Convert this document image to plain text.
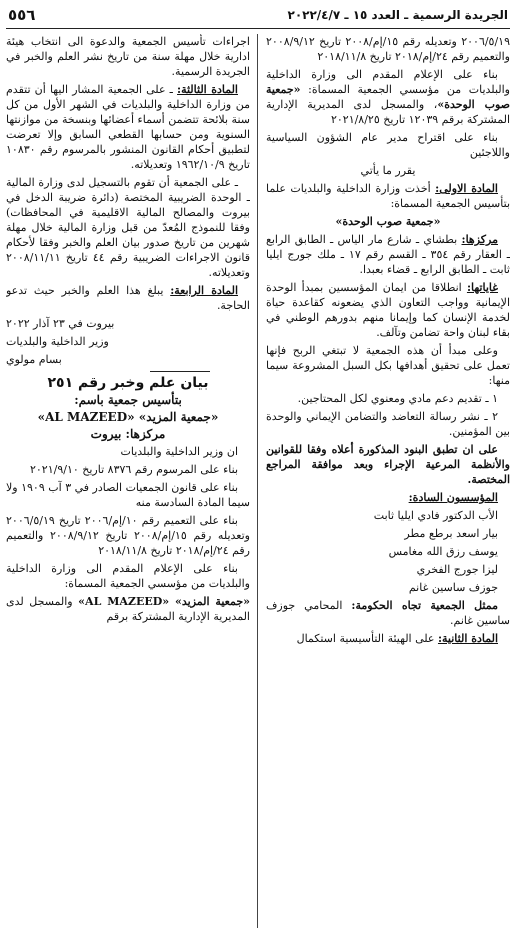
٥٥٦	الجريدة الرسمية ـ العدد ١٥ ـ ٢٠٢٢/٤/٧

٢٠٠٦/٥/١٩ وتعديله رقم ١٥/إم/٢٠٠٨ تاريخ ٢٠٠٨/٩/١٢ والتعميم رقم ٢٤/إم/٢٠١٨ تاريخ ٢٠١٨/١١/٨

بناء على الإعلام المقدم الى وزارة الداخلية والبلديات من مؤسسي الجمعية المسماة: «جمعية صوب الوحدة»، والمسجل لدى المديرية الإدارية المشتركة برقم ١٢٠٣٩ تاريخ ٢٠٢١/٨/٢٥

بناء على اقتراح مدير عام الشؤون السياسية واللاجئين

يقرر ما يأتي

المادة الاولى: أخذت وزارة الداخلية والبلديات علما بتأسيس الجمعية المسماة:

«جمعية صوب الوحدة»

مركزها: بطشاي ـ شارع مار الياس ـ الطابق الرابع ـ العقار رقم ٣٥٤ ـ القسم رقم ١٧ ـ ملك جورج ايليا ثابت ـ الطابق الرابع ـ قضاء بعبدا.

غاياتها: انطلاقا من ايمان المؤسسين بمبدأ الوحدة الإيمانية وواجب التعاون الذي يضعونه كقاعدة حياة لخدمة الإنسان كما وإيمانا منهم بدورهم الوطني في بقاء لبنان واحة تضامن وتآلف.

وعلى مبدأ أن هذه الجمعية لا تبتغي الربح فإنها تعمل على تحقيق أهدافها بكل السبل المشروعة سيما منها:

١ ـ تقديم دعم مادي ومعنوي لكل المحتاجين.

٢ ـ نشر رسالة التعاضد والتضامن الإيماني والوحدة بين المؤمنين.

على ان تطبق البنود المذكورة أعلاه وفقا للقوانين والأنظمة المرعية الإجراء وبعد موافقة المراجع المختصة.

المؤسسون السادة:

الأب الدكتور فادي ايليا ثابت

بيار اسعد برطع مطر

يوسف رزق الله مغامس

ليزا جورج الفخري

جوزف ساسين غانم

ممثل الجمعية تجاه الحكومة: المحامي جوزف ساسين غانم.

المادة الثانية: على الهيئة التأسيسية استكمال

اجراءات تأسيس الجمعية والدعوة الى انتخاب هيئة ادارية خلال مهلة سنة من تاريخ نشر العلم والخبر في الجريدة الرسمية.

المادة الثالثة: ـ على الجمعية المشار اليها أن تتقدم من وزارة الداخلية والبلديات في الشهر الأول من كل سنة بلائحة تتضمن أسماء أعضائها وبنسخة من موازنتها السنوية ومن حسابها القطعي السابق وإلا تعرضت لتطبيق أحكام القانون المنشور بالمرسوم رقم ١٠٨٣٠ تاريخ ١٩٦٢/١٠/٩ وتعديلاته.

ـ على الجمعية أن تقوم بالتسجيل لدى وزارة المالية ـ الوحدة الضريبية المختصة (دائرة ضريبة الدخل في بيروت والمصالح المالية الاقليمية في المحافظات) وفقا للنموذج المُعدّ من قبل وزارة المالية خلال مهلة شهرين من تاريخ صدور بيان العلم والخبر وفقا لأحكام قانون الاجراءات الضريبية رقم ٤٤ تاريخ ٢٠٠٨/١١/١١ وتعديلاته.

المادة الرابعة: يبلغ هذا العلم والخبر حيث تدعو الحاجة.

بيروت في ٢٣ آذار ٢٠٢٢

وزير الداخلية والبلديات

بسام مولوي

بيان علم وخبر رقم ٢٥١
بتأسيس جمعية باسم:
«جمعية المزيد» «AL MAZEED»
مركزها: بيروت

ان وزير الداخلية والبلديات

بناء على المرسوم رقم ٨٣٧٦ تاريخ ٢٠٢١/٩/١٠

بناء على قانون الجمعيات الصادر في ٣ آب ١٩٠٩ ولا سيما المادة السادسة منه

بناء على التعميم رقم ١٠/إم/٢٠٠٦ تاريخ ٢٠٠٦/٥/١٩ وتعديله رقم ١٥/إم/٢٠٠٨ تاريخ ٢٠٠٨/٩/١٢ والتعميم رقم ٢٤/إم/٢٠١٨ تاريخ ٢٠١٨/١١/٨

بناء على الإعلام المقدم الى وزارة الداخلية والبلديات من مؤسسي الجمعية المسماة:

«جمعية المزيد» «AL MAZEED» والمسجل لدى المديرية الإدارية المشتركة برقم
